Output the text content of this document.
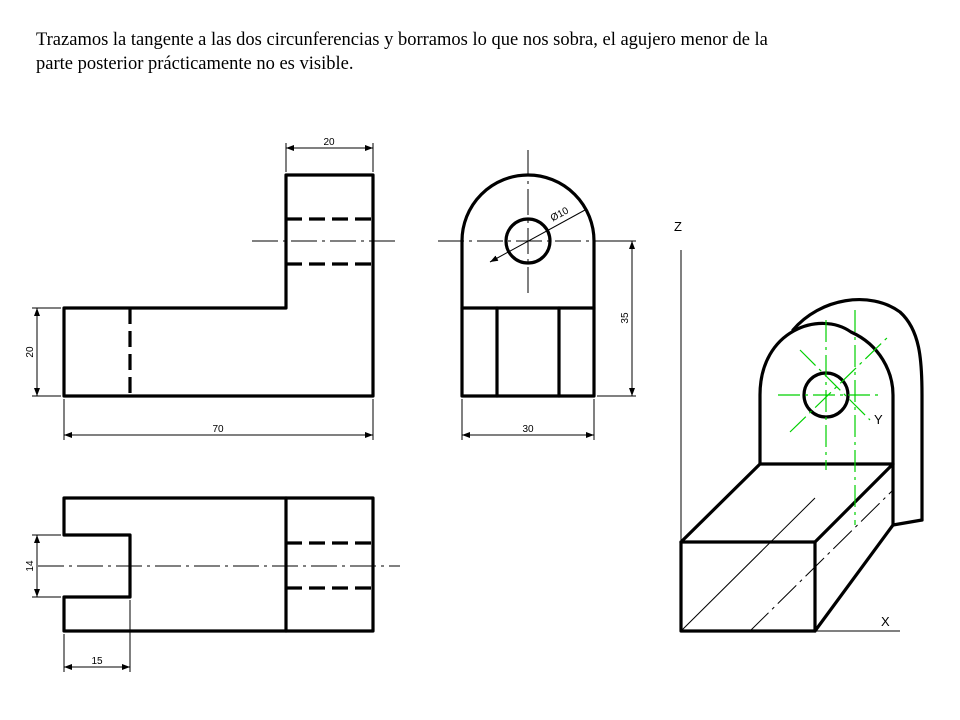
Trazamos la tangente a las dos circunferencias y borramos lo que nos sobra, el agujero menor de la

parte posterior prácticamente no es visible.

20
20
70
Ø10
35
30
14
15
Z
X
Y
